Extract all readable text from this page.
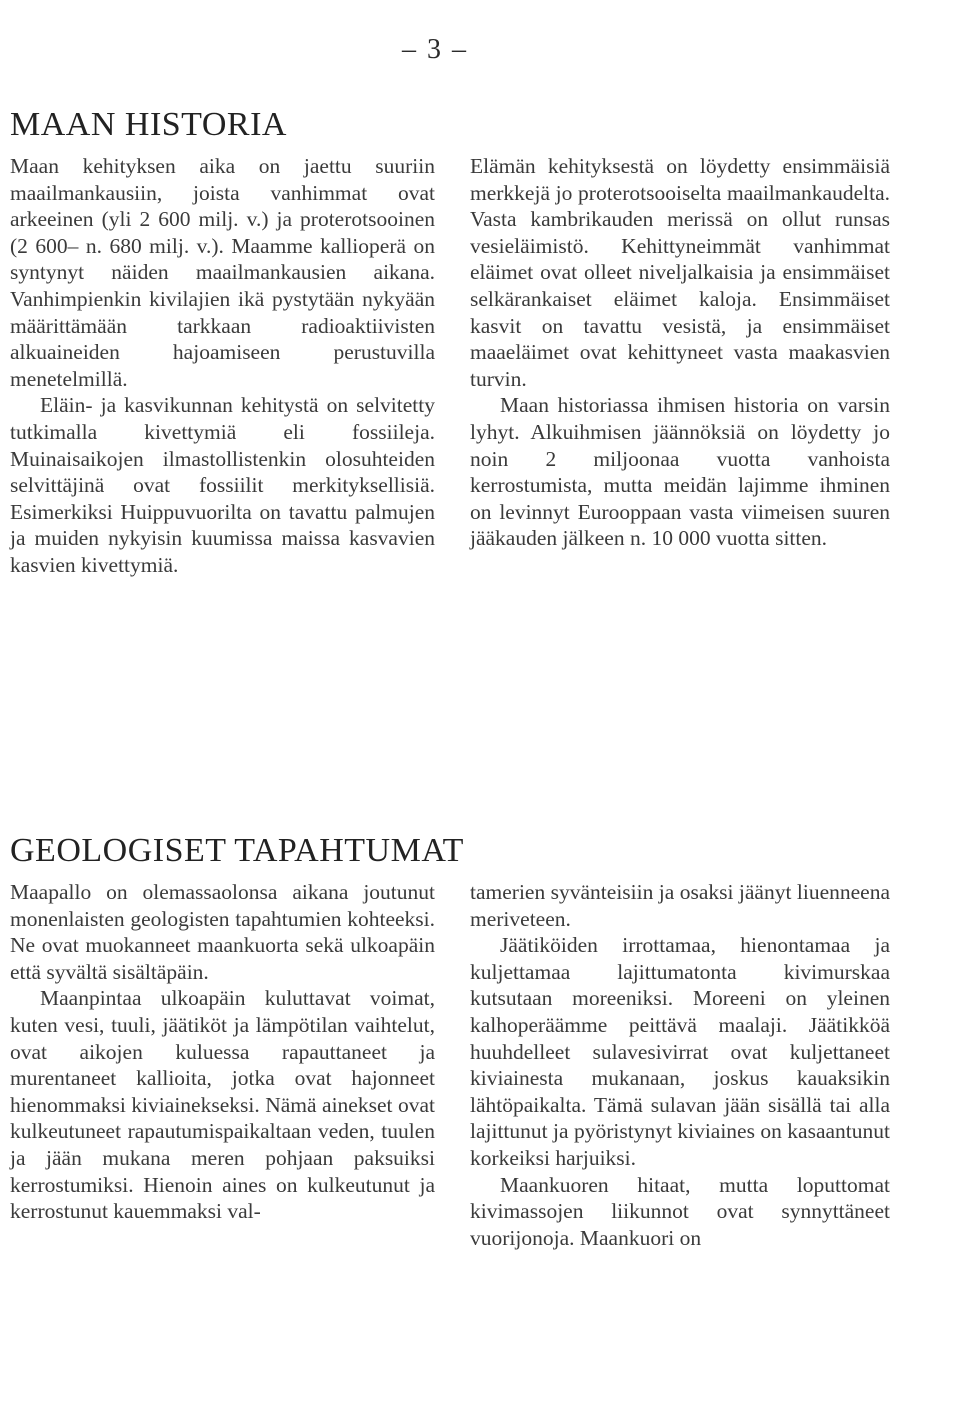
– 3 –
MAAN HISTORIA

Maan kehityksen aika on jaettu suuriin maailmankausiin, joista vanhimmat ovat arkeeinen (yli 2 600 milj. v.) ja proterotsooinen (2 600– n. 680 milj. v.). Maamme kallioperä on syntynyt näiden maailmankausien aikana. Vanhimpienkin kivilajien ikä pystytään nykyään määrittämään tarkkaan radioaktiivisten alkuaineiden hajoamiseen perustuvilla menetelmillä.

Eläin- ja kasvikunnan kehitystä on selvitetty tutkimalla kivettymiä eli fossiileja. Muinaisaikojen ilmastollistenkin olosuhteiden selvittäjinä ovat fossiilit merkityksellisiä. Esimerkiksi Huippuvuorilta on tavattu palmujen ja muiden nykyisin kuumissa maissa kasvavien kasvien kivettymiä.

Elämän kehityksestä on löydetty ensimmäisiä merkkejä jo proterotsooiselta maailmankaudelta. Vasta kambrikauden merissä on ollut runsas vesieläimistö. Kehittyneimmät vanhimmat eläimet ovat olleet niveljalkaisia ja ensimmäiset selkärankaiset eläimet kaloja. Ensimmäiset kasvit on tavattu vesistä, ja ensimmäiset maaeläimet ovat kehittyneet vasta maakasvien turvin.

Maan historiassa ihmisen historia on varsin lyhyt. Alkuihmisen jäännöksiä on löydetty jo noin 2 miljoonaa vuotta vanhoista kerrostumista, mutta meidän lajimme ihminen on levinnyt Eurooppaan vasta viimeisen suuren jääkauden jälkeen n. 10 000 vuotta sitten.

GEOLOGISET TAPAHTUMAT

Maapallo on olemassaolonsa aikana joutunut monenlaisten geologisten tapahtumien kohteeksi. Ne ovat muokanneet maankuorta sekä ulkoapäin että syvältä sisältäpäin.

Maanpintaa ulkoapäin kuluttavat voimat, kuten vesi, tuuli, jäätiköt ja lämpötilan vaihtelut, ovat aikojen kuluessa rapauttaneet ja murentaneet kallioita, jotka ovat hajonneet hienommaksi kiviainekseksi. Nämä ainekset ovat kulkeutuneet rapautumispaikaltaan veden, tuulen ja jään mukana meren pohjaan paksuiksi kerrostumiksi. Hienoin aines on kulkeutunut ja kerrostunut kauemmaksi val-

tamerien syvänteisiin ja osaksi jäänyt liuenneena meriveteen.

Jäätiköiden irrottamaa, hienontamaa ja kuljettamaa lajittumatonta kivimurskaa kutsutaan moreeniksi. Moreeni on yleinen kalhoperäämme peittävä maalaji. Jäätikköä huuhdelleet sulavesivirrat ovat kuljettaneet kiviainesta mukanaan, joskus kauaksikin lähtöpaikalta. Tämä sulavan jään sisällä tai alla lajittunut ja pyöristynyt kiviaines on kasaantunut korkeiksi harjuiksi.

Maankuoren hitaat, mutta loputtomat kivimassojen liikunnot ovat synnyttäneet vuorijonoja. Maankuori on
